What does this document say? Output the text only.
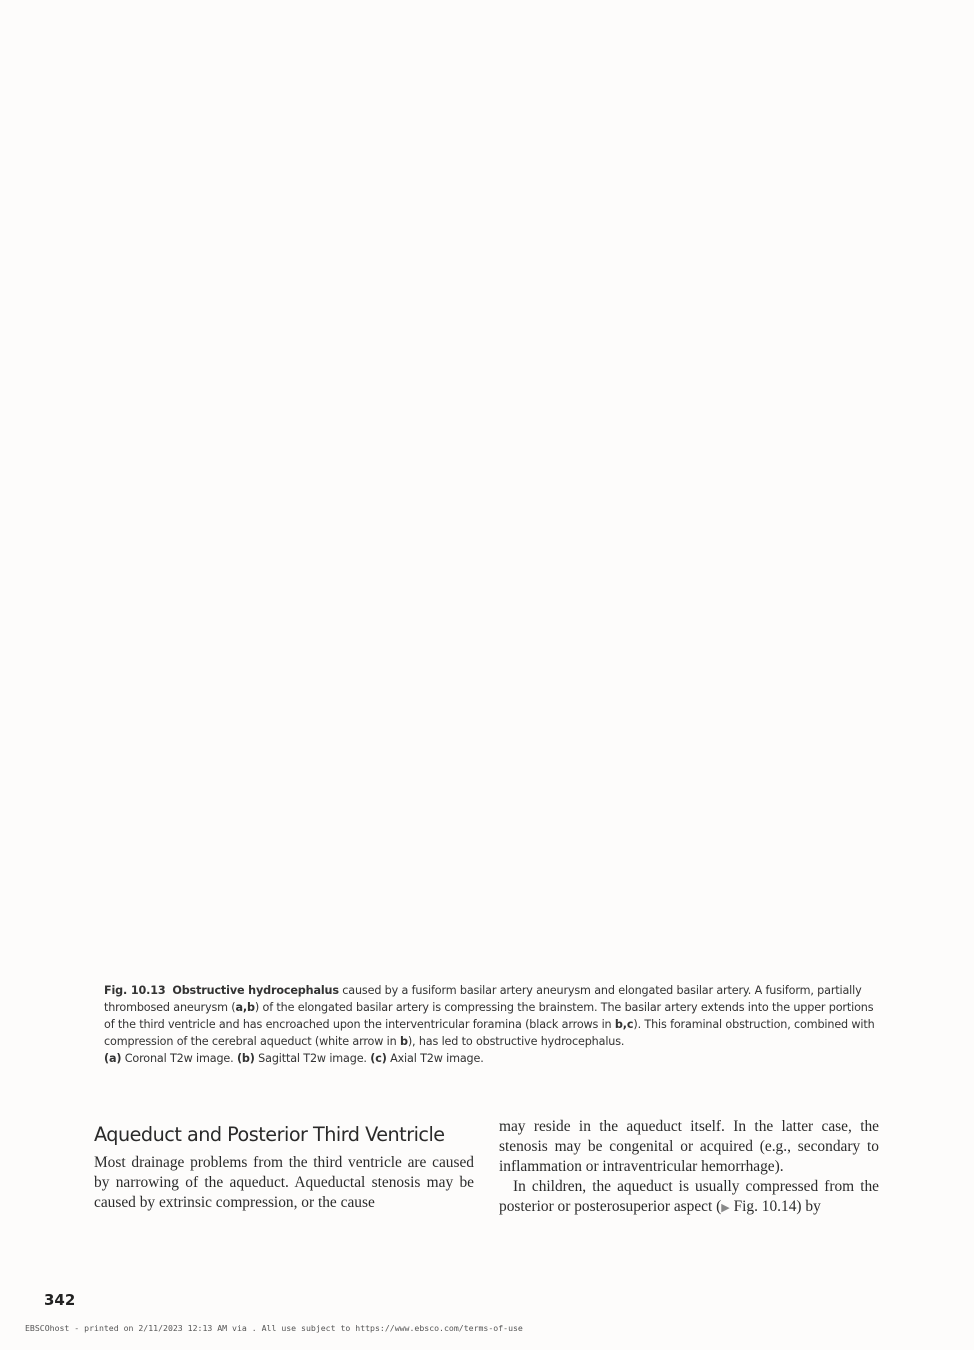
Fig. 10.13 Obstructive hydrocephalus caused by a fusiform basilar artery aneurysm and elongated basilar artery. A fusiform, partially thrombosed aneurysm (a,b) of the elongated basilar artery is compressing the brainstem. The basilar artery extends into the upper portions of the third ventricle and has encroached upon the interventricular foramina (black arrows in b,c). This foraminal obstruction, combined with compression of the cerebral aqueduct (white arrow in b), has led to obstructive hydrocephalus.
(a) Coronal T2w image. (b) Sagittal T2w image. (c) Axial T2w image.
Aqueduct and Posterior Third Ventricle

Most drainage problems from the third ventricle are caused by narrowing of the aqueduct. Aqueductal stenosis may be caused by extrinsic compression, or the cause

may reside in the aqueduct itself. In the latter case, the stenosis may be congenital or acquired (e.g., secondary to inflammation or intraventricular hemorrhage).

In children, the aqueduct is usually compressed from the posterior or posterosuperior aspect (▶ Fig. 10.14) by

342
EBSCOhost - printed on 2/11/2023 12:13 AM via . All use subject to https://www.ebsco.com/terms-of-use
